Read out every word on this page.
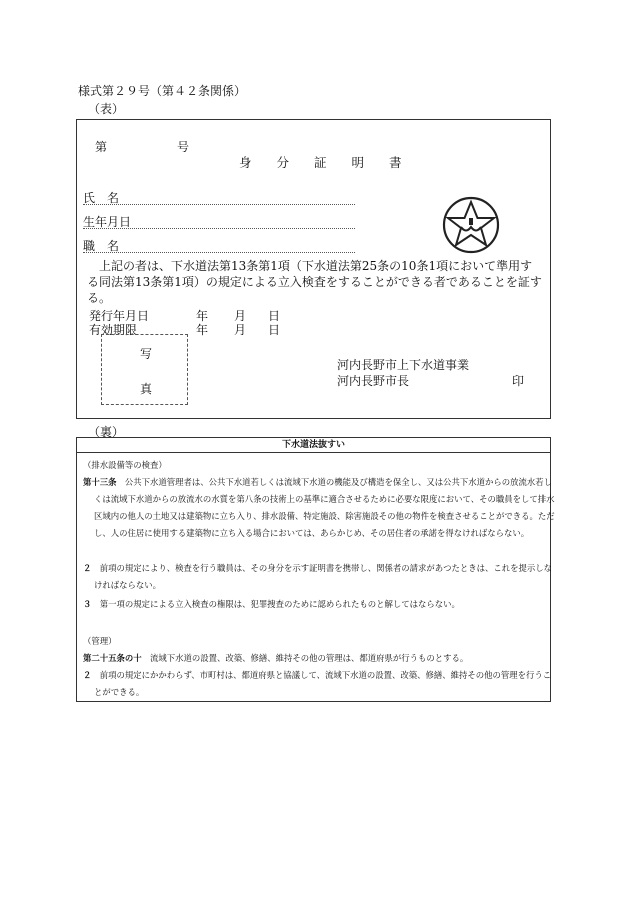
様式第２９号（第４２条関係）
（表）
第	号
身　　分　　証　　明　　書
氏　名
生年月日
職　名
上記の者は、下水道法第13条第1項（下水道法第25条の10条1項において準用する同法第13条第1項）の規定による立入検査をすることができる者であることを証する。
発行年月日	年 月 日
有効期限	年 月 日
河内長野市上下水道事業
河内長野市長	印
写
真
（裏）
下水道法抜すい
（排水設備等の検査）
第十三条　公共下水道管理者は、公共下水道若しくは流域下水道の機能及び構造を保全し、又は公共下水道からの放流水若しくは流域下水道からの放流水の水質を第八条の技術上の基準に適合させるために必要な限度において、その職員をして排水区域内の他人の土地又は建築物に立ち入り、排水設備、特定施設、除害施設その他の物件を検査させることができる。ただし、人の住居に使用する建築物に立ち入る場合においては、あらかじめ、その居住者の承諾を得なければならない。
２　前項の規定により、検査を行う職員は、その身分を示す証明書を携帯し、関係者の請求があつたときは、これを提示しなければならない。
３　第一項の規定による立入検査の権限は、犯罪捜査のために認められたものと解してはならない。
（管理）
第二十五条の十　流域下水道の設置、改築、修繕、維持その他の管理は、都道府県が行うものとする。
２　前項の規定にかかわらず、市町村は、都道府県と協議して、流域下水道の設置、改築、修繕、維持その他の管理を行うことができる。
